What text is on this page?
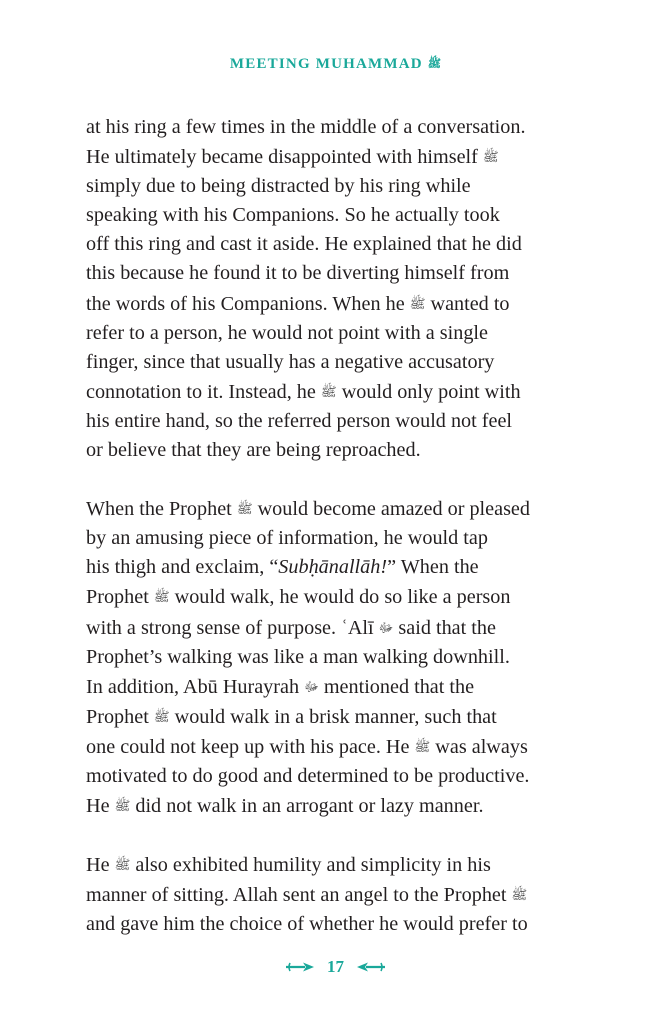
MEETING MUHAMMAD ﷺ

at his ring a few times in the middle of a conversation.
He ultimately became disappointed with himself ﷺ
simply due to being distracted by his ring while
speaking with his Companions. So he actually took
off this ring and cast it aside. He explained that he did
this because he found it to be diverting himself from
the words of his Companions. When he ﷺ wanted to
refer to a person, he would not point with a single
finger, since that usually has a negative accusatory
connotation to it. Instead, he ﷺ would only point with
his entire hand, so the referred person would not feel
or believe that they are being reproached.

When the Prophet ﷺ would become amazed or pleased
by an amusing piece of information, he would tap
his thigh and exclaim, “Subḥānallāh!” When the
Prophet ﷺ would walk, he would do so like a person
with a strong sense of purpose. ʿAlī ﷻ said that the
Prophet’s walking was like a man walking downhill.
In addition, Abū Hurayrah ﷻ mentioned that the
Prophet ﷺ would walk in a brisk manner, such that
one could not keep up with his pace. He ﷺ was always
motivated to do good and determined to be productive.
He ﷺ did not walk in an arrogant or lazy manner.

He ﷺ also exhibited humility and simplicity in his
manner of sitting. Allah sent an angel to the Prophet ﷺ
and gave him the choice of whether he would prefer to

17
